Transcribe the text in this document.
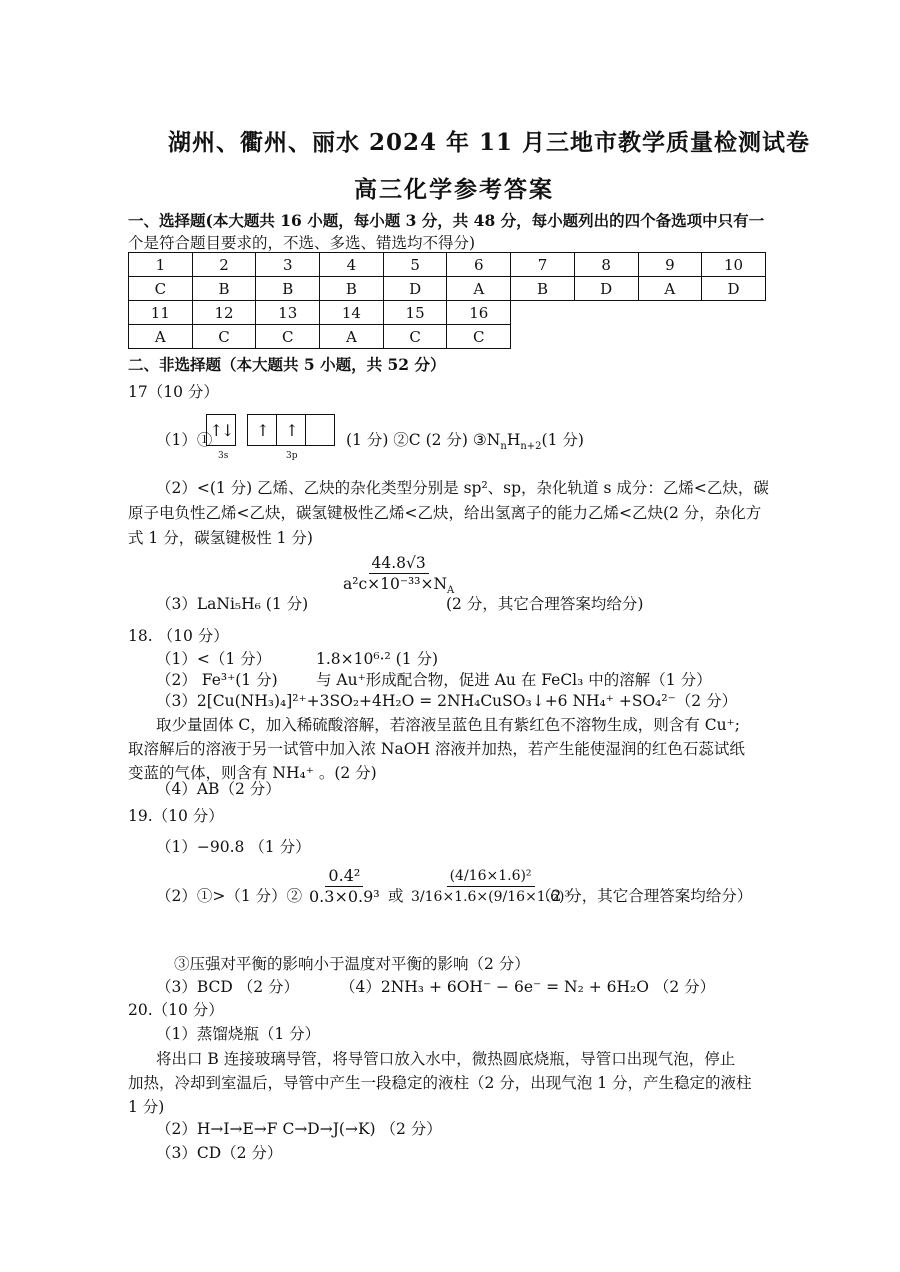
湖州、衢州、丽水 2024 年 11 月三地市教学质量检测试卷
高三化学参考答案
一、选择题(本大题共 16 小题，每小题 3 分，共 48 分，每小题列出的四个备选项中只有一
个是符合题目要求的，不选、多选、错选均不得分)
1	2	3	4	5	6	7	8	9	10
C	B	B	B	D	A	B	D	A	D
11	12	13	14	15	16				
A	C	C	A	C	C				
二、非选择题（本大题共 5 小题，共 52 分）
17（10 分）
（1）①
↑↓
3s
↑	↑
3p
(1 分) ②C (2 分) $③N_nH_{n+2}(1$ 分)
（2）<(1 分) 乙烯、乙炔的杂化类型分别是 sp²、sp，杂化轨道 s 成分：乙烯<乙炔，碳
原子电负性乙烯<乙炔，碳氢键极性乙烯<乙炔，给出氢离子的能力乙烯<乙炔(2 分，杂化方
式 1 分，碳氢键极性 1 分)
（3）LaNi₅H₆ (1 分)
$\frac{44.8√3}{a^2c\times 10^{-33}\times N_A}$
(2 分，其它合理答案均给分)
18. （10 分）
（1）<（1 分）	1.8×10⁶·² (1 分)
（2） Fe³⁺(1 分) 与 Au⁺形成配合物，促进 Au 在 FeCl₃ 中的溶解（1 分）
（3）2[Cu(NH₃)₄]²⁺+3SO₂+4H₂O = 2NH₄CuSO₃↓+6 NH₄⁺ +SO₄²⁻（2 分）
取少量固体 C，加入稀硫酸溶解，若溶液呈蓝色且有紫红色不溶物生成，则含有 Cu⁺;
取溶解后的溶液于另一试管中加入浓 NaOH 溶液并加热，若产生能使湿润的红色石蕊试纸
变蓝的气体，则含有 NH₄⁺ 。(2 分)
（4）AB（2 分）
19.（10 分）
（1）−90.8 （1 分）
（2）①>（1 分）② $\frac{\text{0.4²}}{\text{0.3×0.9³}}$ 或 $\frac{\text{(4/16×1.6)²}}{\text{3/16×1.6×(9/16×1.6)³}}$
（2 分，其它合理答案均给分）
③压强对平衡的影响小于温度对平衡的影响（2 分）
（3）BCD （2 分）	（4）2NH₃ + 6OH⁻ − 6e⁻ = N₂ + 6H₂O （2 分）
20.（10 分）
（1）蒸馏烧瓶（1 分）
将出口 B 连接玻璃导管，将导管口放入水中，微热圆底烧瓶，导管口出现气泡，停止
加热，冷却到室温后，导管中产生一段稳定的液柱（2 分，出现气泡 1 分，产生稳定的液柱
1 分)
（2）H→I→E→F C→D→J(→K) （2 分）
（3）CD（2 分）
